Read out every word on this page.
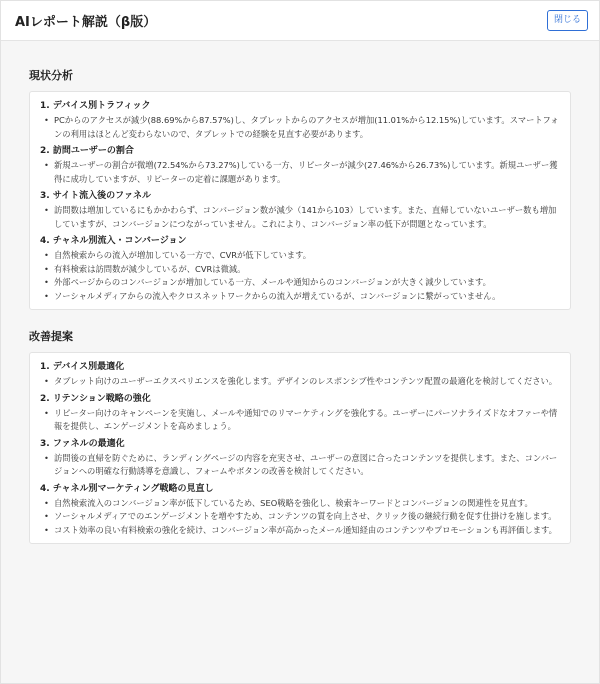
AIレポート解説（β版）	閉じる
現状分析
1. デバイス別トラフィック
• PCからのアクセスが減少(88.69%から87.57%)し、タブレットからのアクセスが増加(11.01%から12.15%)しています。スマートフォンの利用はほとんど変わらないので、タブレットでの経験を見直す必要があります。
2. 訪問ユーザーの割合
• 新規ユーザーの割合が微増(72.54%から73.27%)している一方、リピーターが減少(27.46%から26.73%)しています。新規ユーザー獲得に成功していますが、リピーターの定着に課題があります。
3. サイト流入後のファネル
• 訪問数は増加しているにもかかわらず、コンバージョン数が減少（141から103）しています。また、直帰していないユーザー数も増加していますが、コンバージョンにつながっていません。これにより、コンバージョン率の低下が問題となっています。
4. チャネル別流入・コンバージョン
• 自然検索からの流入が増加している一方で、CVRが低下しています。
• 有料検索は訪問数が減少しているが、CVRは微減。
• 外部ページからのコンバージョンが増加している一方、メールや通知からのコンバージョンが大きく減少しています。
• ソーシャルメディアからの流入やクロスネットワークからの流入が増えているが、コンバージョンに繋がっていません。
改善提案
1. デバイス別最適化
• タブレット向けのユーザーエクスペリエンスを強化します。デザインのレスポンシブ性やコンテンツ配置の最適化を検討してください。
2. リテンション戦略の強化
• リピーター向けのキャンペーンを実施し、メールや通知でのリマーケティングを強化する。ユーザーにパーソナライズドなオファーや情報を提供し、エンゲージメントを高めましょう。
3. ファネルの最適化
• 訪問後の直帰を防ぐために、ランディングページの内容を充実させ、ユーザーの意図に合ったコンテンツを提供します。また、コンバージョンへの明確な行動誘導を意識し、フォームやボタンの改善を検討してください。
4. チャネル別マーケティング戦略の見直し
• 自然検索流入のコンバージョン率が低下しているため、SEO戦略を強化し、検索キーワードとコンバージョンの関連性を見直す。
• ソーシャルメディアでのエンゲージメントを増やすため、コンテンツの質を向上させ、クリック後の継続行動を促す仕掛けを施します。
• コスト効率の良い有料検索の強化を続け、コンバージョン率が高かったメール通知経由のコンテンツやプロモーションも再評価します。
